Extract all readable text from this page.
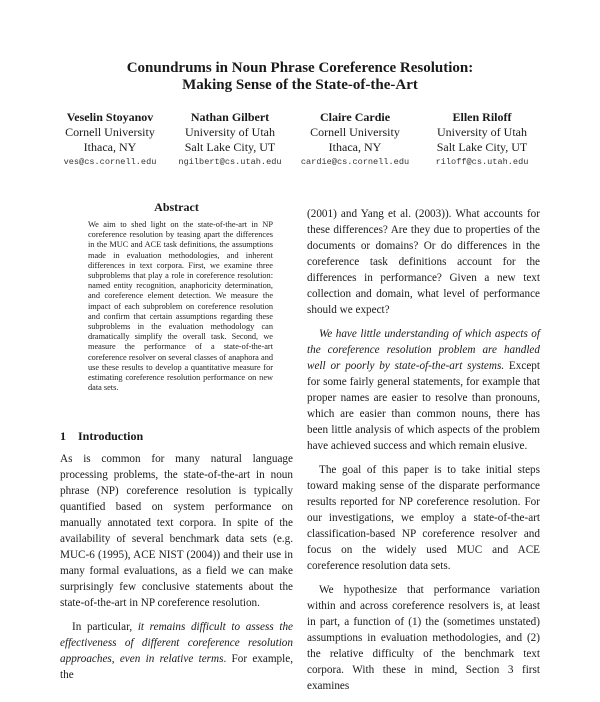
Conundrums in Noun Phrase Coreference Resolution:
Making Sense of the State-of-the-Art
Veselin Stoyanov
Cornell University
Ithaca, NY
ves@cs.cornell.edu
Nathan Gilbert
University of Utah
Salt Lake City, UT
ngilbert@cs.utah.edu
Claire Cardie
Cornell University
Ithaca, NY
cardie@cs.cornell.edu
Ellen Riloff
University of Utah
Salt Lake City, UT
riloff@cs.utah.edu
Abstract
We aim to shed light on the state-of-the-art in NP coreference resolution by teasing apart the differences in the MUC and ACE task definitions, the assumptions made in evaluation methodologies, and inherent differences in text corpora. First, we examine three subproblems that play a role in coreference resolution: named entity recognition, anaphoricity determination, and coreference element detection. We measure the impact of each subproblem on coreference resolution and confirm that certain assumptions regarding these subproblems in the evaluation methodology can dramatically simplify the overall task. Second, we measure the performance of a state-of-the-art coreference resolver on several classes of anaphora and use these results to develop a quantitative measure for estimating coreference resolution performance on new data sets.
1 Introduction

As is common for many natural language processing problems, the state-of-the-art in noun phrase (NP) coreference resolution is typically quantified based on system performance on manually annotated text corpora. In spite of the availability of several benchmark data sets (e.g. MUC-6 (1995), ACE NIST (2004)) and their use in many formal evaluations, as a field we can make surprisingly few conclusive statements about the state-of-the-art in NP coreference resolution.

In particular, it remains difficult to assess the effectiveness of different coreference resolution approaches, even in relative terms. For example, the

(2001) and Yang et al. (2003)). What accounts for these differences? Are they due to properties of the documents or domains? Or do differences in the coreference task definitions account for the differences in performance? Given a new text collection and domain, what level of performance should we expect?

We have little understanding of which aspects of the coreference resolution problem are handled well or poorly by state-of-the-art systems. Except for some fairly general statements, for example that proper names are easier to resolve than pronouns, which are easier than common nouns, there has been little analysis of which aspects of the problem have achieved success and which remain elusive.

The goal of this paper is to take initial steps toward making sense of the disparate performance results reported for NP coreference resolution. For our investigations, we employ a state-of-the-art classification-based NP coreference resolver and focus on the widely used MUC and ACE coreference resolution data sets.

We hypothesize that performance variation within and across coreference resolvers is, at least in part, a function of (1) the (sometimes unstated) assumptions in evaluation methodologies, and (2) the relative difficulty of the benchmark text corpora. With these in mind, Section 3 first examines
